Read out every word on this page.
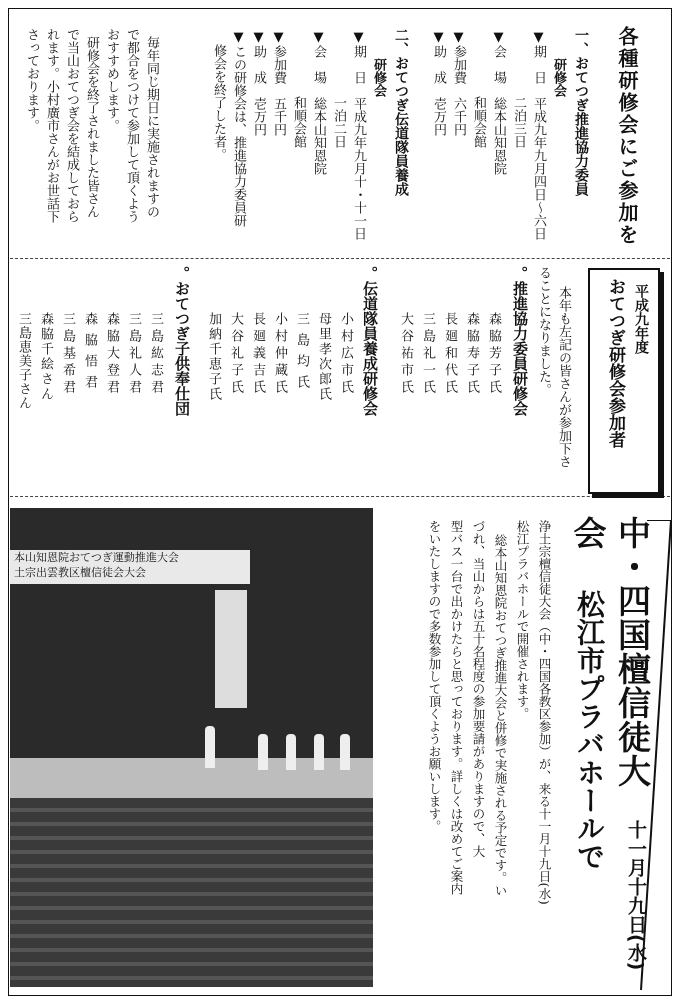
各種研修会にご参加を
一、おてつぎ推進協力委員
研修会
▼期　日　平成九年九月四日〜六日
二泊三日
▼会　場　総本山知恩院
和順会館
▼参加費　六千円
▼助　成　壱万円
二、おてつぎ伝道隊員養成
研修会
▼期　日　平成九年九月十・十一日
一泊二日
▼会　場　総本山知恩院
和順会館
▼参加費　五千円
▼助　成　壱万円
▼この研修会は、推進協力委員研
修会を終了した者。
毎年同じ期日に実施されますの
で都合をつけて参加して頂くよう
おすすめします。
研修会を終了されました皆さん
で当山おてつぎ会を結成しておら
れます。小村廣市さんがお世話下
さっております。
平成九年度
おてつぎ研修会参加者
本年も左記の皆さんが参加下さ
ることになりました。
。推進協力委員研修会
森脇芳子氏
森脇寿子氏
長廻和代氏
三島礼一氏
大谷祐市氏
。伝道隊員養成研修会
小村広市氏
母里孝次郎氏
三島均氏
小村仲蔵氏
長廻義吉氏
大谷礼子氏
加納千恵子氏
。おてつぎ子供奉仕団
三島紘志君
三島礼人君
森脇大登君
森脇悟君
三島基希君
森脇千絵さん
三島恵美子さん
中・四国檀信徒大会
十一月十九日(水)
松江市プラバホールで
浄土宗檀信徒大会（中・四国各教区参加）が、来る十一月十九日(水)
松江プラバホールで開催されます。
総本山知恩院おてつぎ推進大会と併修で実施される予定です。い
づれ、当山からは五十名程度の参加要請がありますので、大
型バス一台で出かけたらと思っております。詳しくは改めてご案内
をいたしますので多数参加して頂くようお願いします。
本山知恩院おてつぎ運動推進大会
土宗出雲教区檀信徒会大会
